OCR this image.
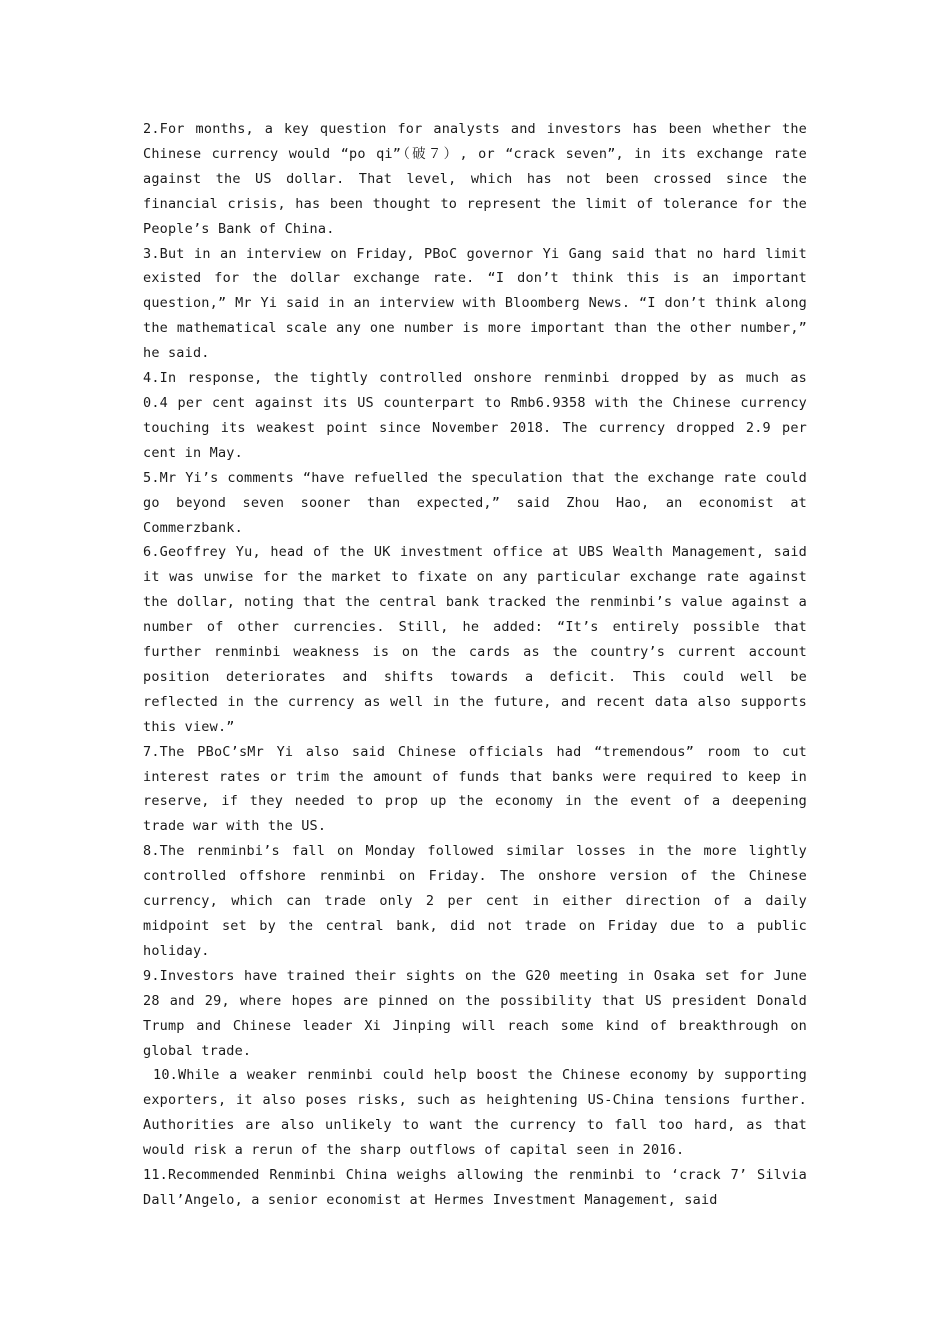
2.For months, a key question for analysts and investors has been whether the Chinese currency would “po qi”（破７）, or “crack seven”, in its exchange rate against the US dollar. That level, which has not been crossed since the financial crisis, has been thought to represent the limit of tolerance for the People’s Bank of China.

3.But in an interview on Friday, PBoC governor Yi Gang said that no hard limit existed for the dollar exchange rate. “I don’t think this is an important question,” Mr Yi said in an interview with Bloomberg News. “I don’t think along the mathematical scale any one number is more important than the other number,” he said.

4.In response, the tightly controlled onshore renminbi dropped by as much as 0.4 per cent against its US counterpart to Rmb6.9358 with the Chinese currency touching its weakest point since November 2018. The currency dropped 2.9 per cent in May.

5.Mr Yi’s comments “have refuelled the speculation that the exchange rate could go beyond seven sooner than expected,” said Zhou Hao, an economist at Commerzbank.

6.Geoffrey Yu, head of the UK investment office at UBS Wealth Management, said it was unwise for the market to fixate on any particular exchange rate against the dollar, noting that the central bank tracked the renminbi’s value against a number of other currencies. Still, he added: “It’s entirely possible that further renminbi weakness is on the cards as the country’s current account position deteriorates and shifts towards a deficit. This could well be reflected in the currency as well in the future, and recent data also supports this view.”

7.The PBoC’sMr Yi also said Chinese officials had “tremendous” room to cut interest rates or trim the amount of funds that banks were required to keep in reserve, if they needed to prop up the economy in the event of a deepening trade war with the US.

8.The renminbi’s fall on Monday followed similar losses in the more lightly controlled offshore renminbi on Friday. The onshore version of the Chinese currency, which can trade only 2 per cent in either direction of a daily midpoint set by the central bank, did not trade on Friday due to a public holiday.

9.Investors have trained their sights on the G20 meeting in Osaka set for June 28 and 29, where hopes are pinned on the possibility that US president Donald Trump and Chinese leader Xi Jinping will reach some kind of breakthrough on global trade.

10.While a weaker renminbi could help boost the Chinese economy by supporting exporters, it also poses risks, such as heightening US-China tensions further. Authorities are also unlikely to want the currency to fall too hard, as that would risk a rerun of the sharp outflows of capital seen in 2016.

11.Recommended Renminbi China weighs allowing the renminbi to ‘crack 7’ Silvia Dall’Angelo, a senior economist at Hermes Investment Management, said
